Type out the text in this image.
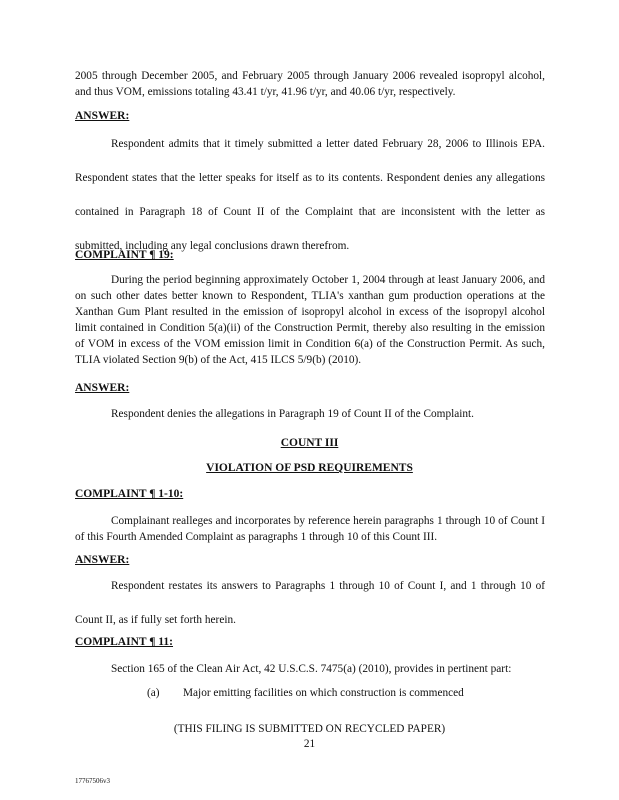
2005 through December 2005, and February 2005 through January 2006 revealed isopropyl alcohol, and thus VOM, emissions totaling 43.41 t/yr, 41.96 t/yr, and 40.06 t/yr, respectively.

ANSWER:

Respondent admits that it timely submitted a letter dated February 28, 2006 to Illinois EPA. Respondent states that the letter speaks for itself as to its contents. Respondent denies any allegations contained in Paragraph 18 of Count II of the Complaint that are inconsistent with the letter as submitted, including any legal conclusions drawn therefrom.

COMPLAINT ¶ 19:

During the period beginning approximately October 1, 2004 through at least January 2006, and on such other dates better known to Respondent, TLIA's xanthan gum production operations at the Xanthan Gum Plant resulted in the emission of isopropyl alcohol in excess of the isopropyl alcohol limit contained in Condition 5(a)(ii) of the Construction Permit, thereby also resulting in the emission of VOM in excess of the VOM emission limit in Condition 6(a) of the Construction Permit. As such, TLIA violated Section 9(b) of the Act, 415 ILCS 5/9(b) (2010).

ANSWER:

Respondent denies the allegations in Paragraph 19 of Count II of the Complaint.

COUNT III

VIOLATION OF PSD REQUIREMENTS

COMPLAINT ¶ 1-10:

Complainant realleges and incorporates by reference herein paragraphs 1 through 10 of Count I of this Fourth Amended Complaint as paragraphs 1 through 10 of this Count III.

ANSWER:

Respondent restates its answers to Paragraphs 1 through 10 of Count I, and 1 through 10 of Count II, as if fully set forth herein.

COMPLAINT ¶ 11:

Section 165 of the Clean Air Act, 42 U.S.C.S. 7475(a) (2010), provides in pertinent part:

(a) Major emitting facilities on which construction is commenced

(THIS FILING IS SUBMITTED ON RECYCLED PAPER)

21

17767506v3
